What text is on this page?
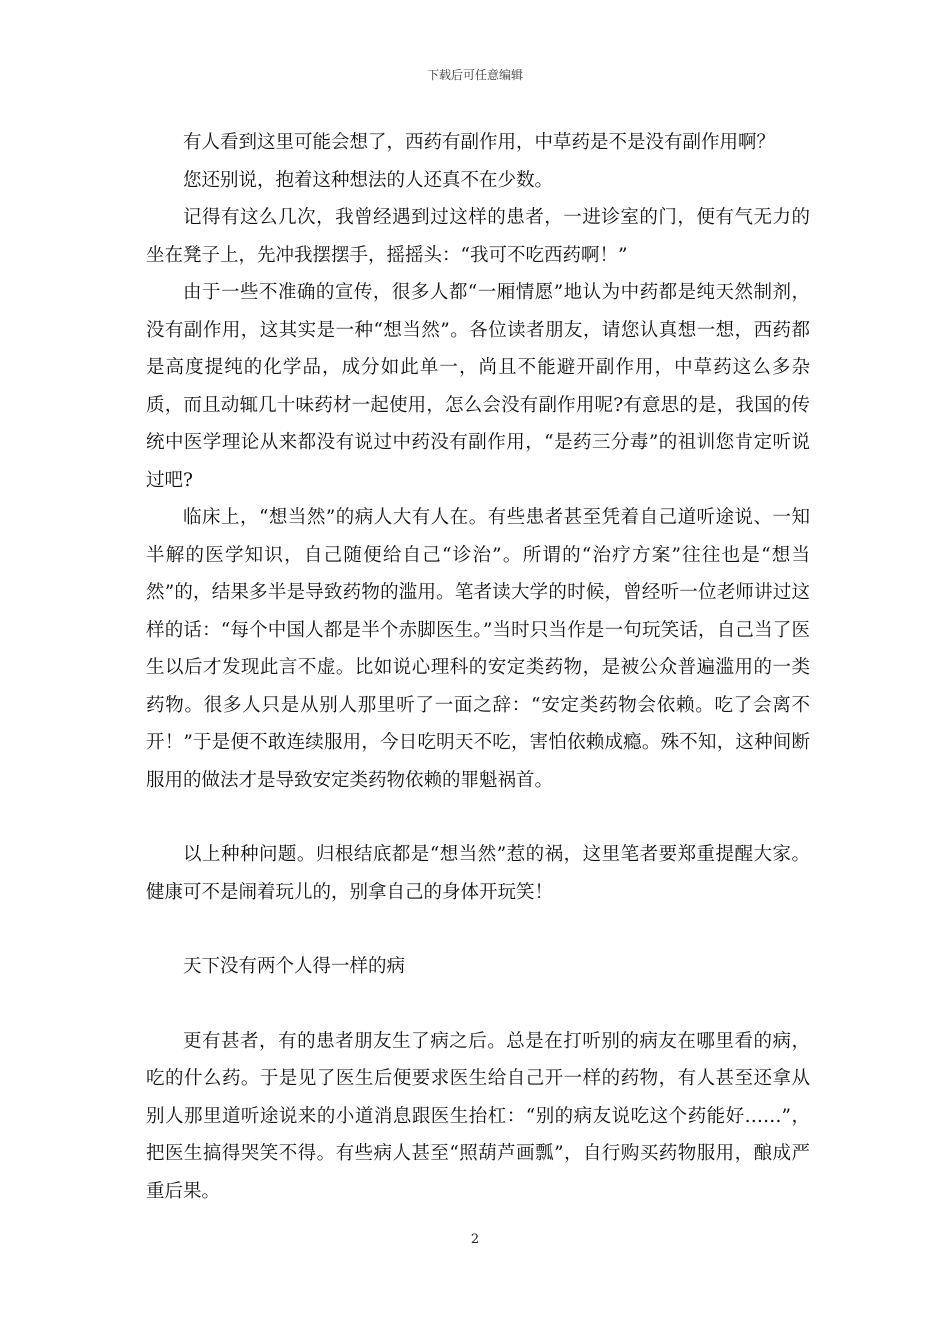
下载后可任意编辑

有人看到这里可能会想了，西药有副作用，中草药是不是没有副作用啊？

您还别说，抱着这种想法的人还真不在少数。

记得有这么几次，我曾经遇到过这样的患者，一进诊室的门，便有气无力的坐在凳子上，先冲我摆摆手，摇摇头：“我可不吃西药啊！”

由于一些不准确的宣传，很多人都“一厢情愿”地认为中药都是纯天然制剂，没有副作用，这其实是一种“想当然”。各位读者朋友，请您认真想一想，西药都是高度提纯的化学品，成分如此单一，尚且不能避开副作用，中草药这么多杂质，而且动辄几十味药材一起使用，怎么会没有副作用呢?有意思的是，我国的传统中医学理论从来都没有说过中药没有副作用，“是药三分毒”的祖训您肯定听说过吧?

临床上，“想当然”的病人大有人在。有些患者甚至凭着自己道听途说、一知半解的医学知识，自己随便给自己“诊治”。所谓的“治疗方案”往往也是“想当然”的，结果多半是导致药物的滥用。笔者读大学的时候，曾经听一位老师讲过这样的话：“每个中国人都是半个赤脚医生。”当时只当作是一句玩笑话，自己当了医生以后才发现此言不虚。比如说心理科的安定类药物，是被公众普遍滥用的一类药物。很多人只是从别人那里听了一面之辞：“安定类药物会依赖。吃了会离不开！”于是便不敢连续服用，今日吃明天不吃，害怕依赖成瘾。殊不知，这种间断服用的做法才是导致安定类药物依赖的罪魁祸首。

以上种种问题。归根结底都是“想当然”惹的祸，这里笔者要郑重提醒大家。健康可不是闹着玩儿的，别拿自己的身体开玩笑！

天下没有两个人得一样的病

更有甚者，有的患者朋友生了病之后。总是在打听别的病友在哪里看的病，吃的什么药。于是见了医生后便要求医生给自己开一样的药物，有人甚至还拿从别人那里道听途说来的小道消息跟医生抬杠：“别的病友说吃这个药能好……”，把医生搞得哭笑不得。有些病人甚至“照葫芦画瓢”，自行购买药物服用，酿成严重后果。

2
